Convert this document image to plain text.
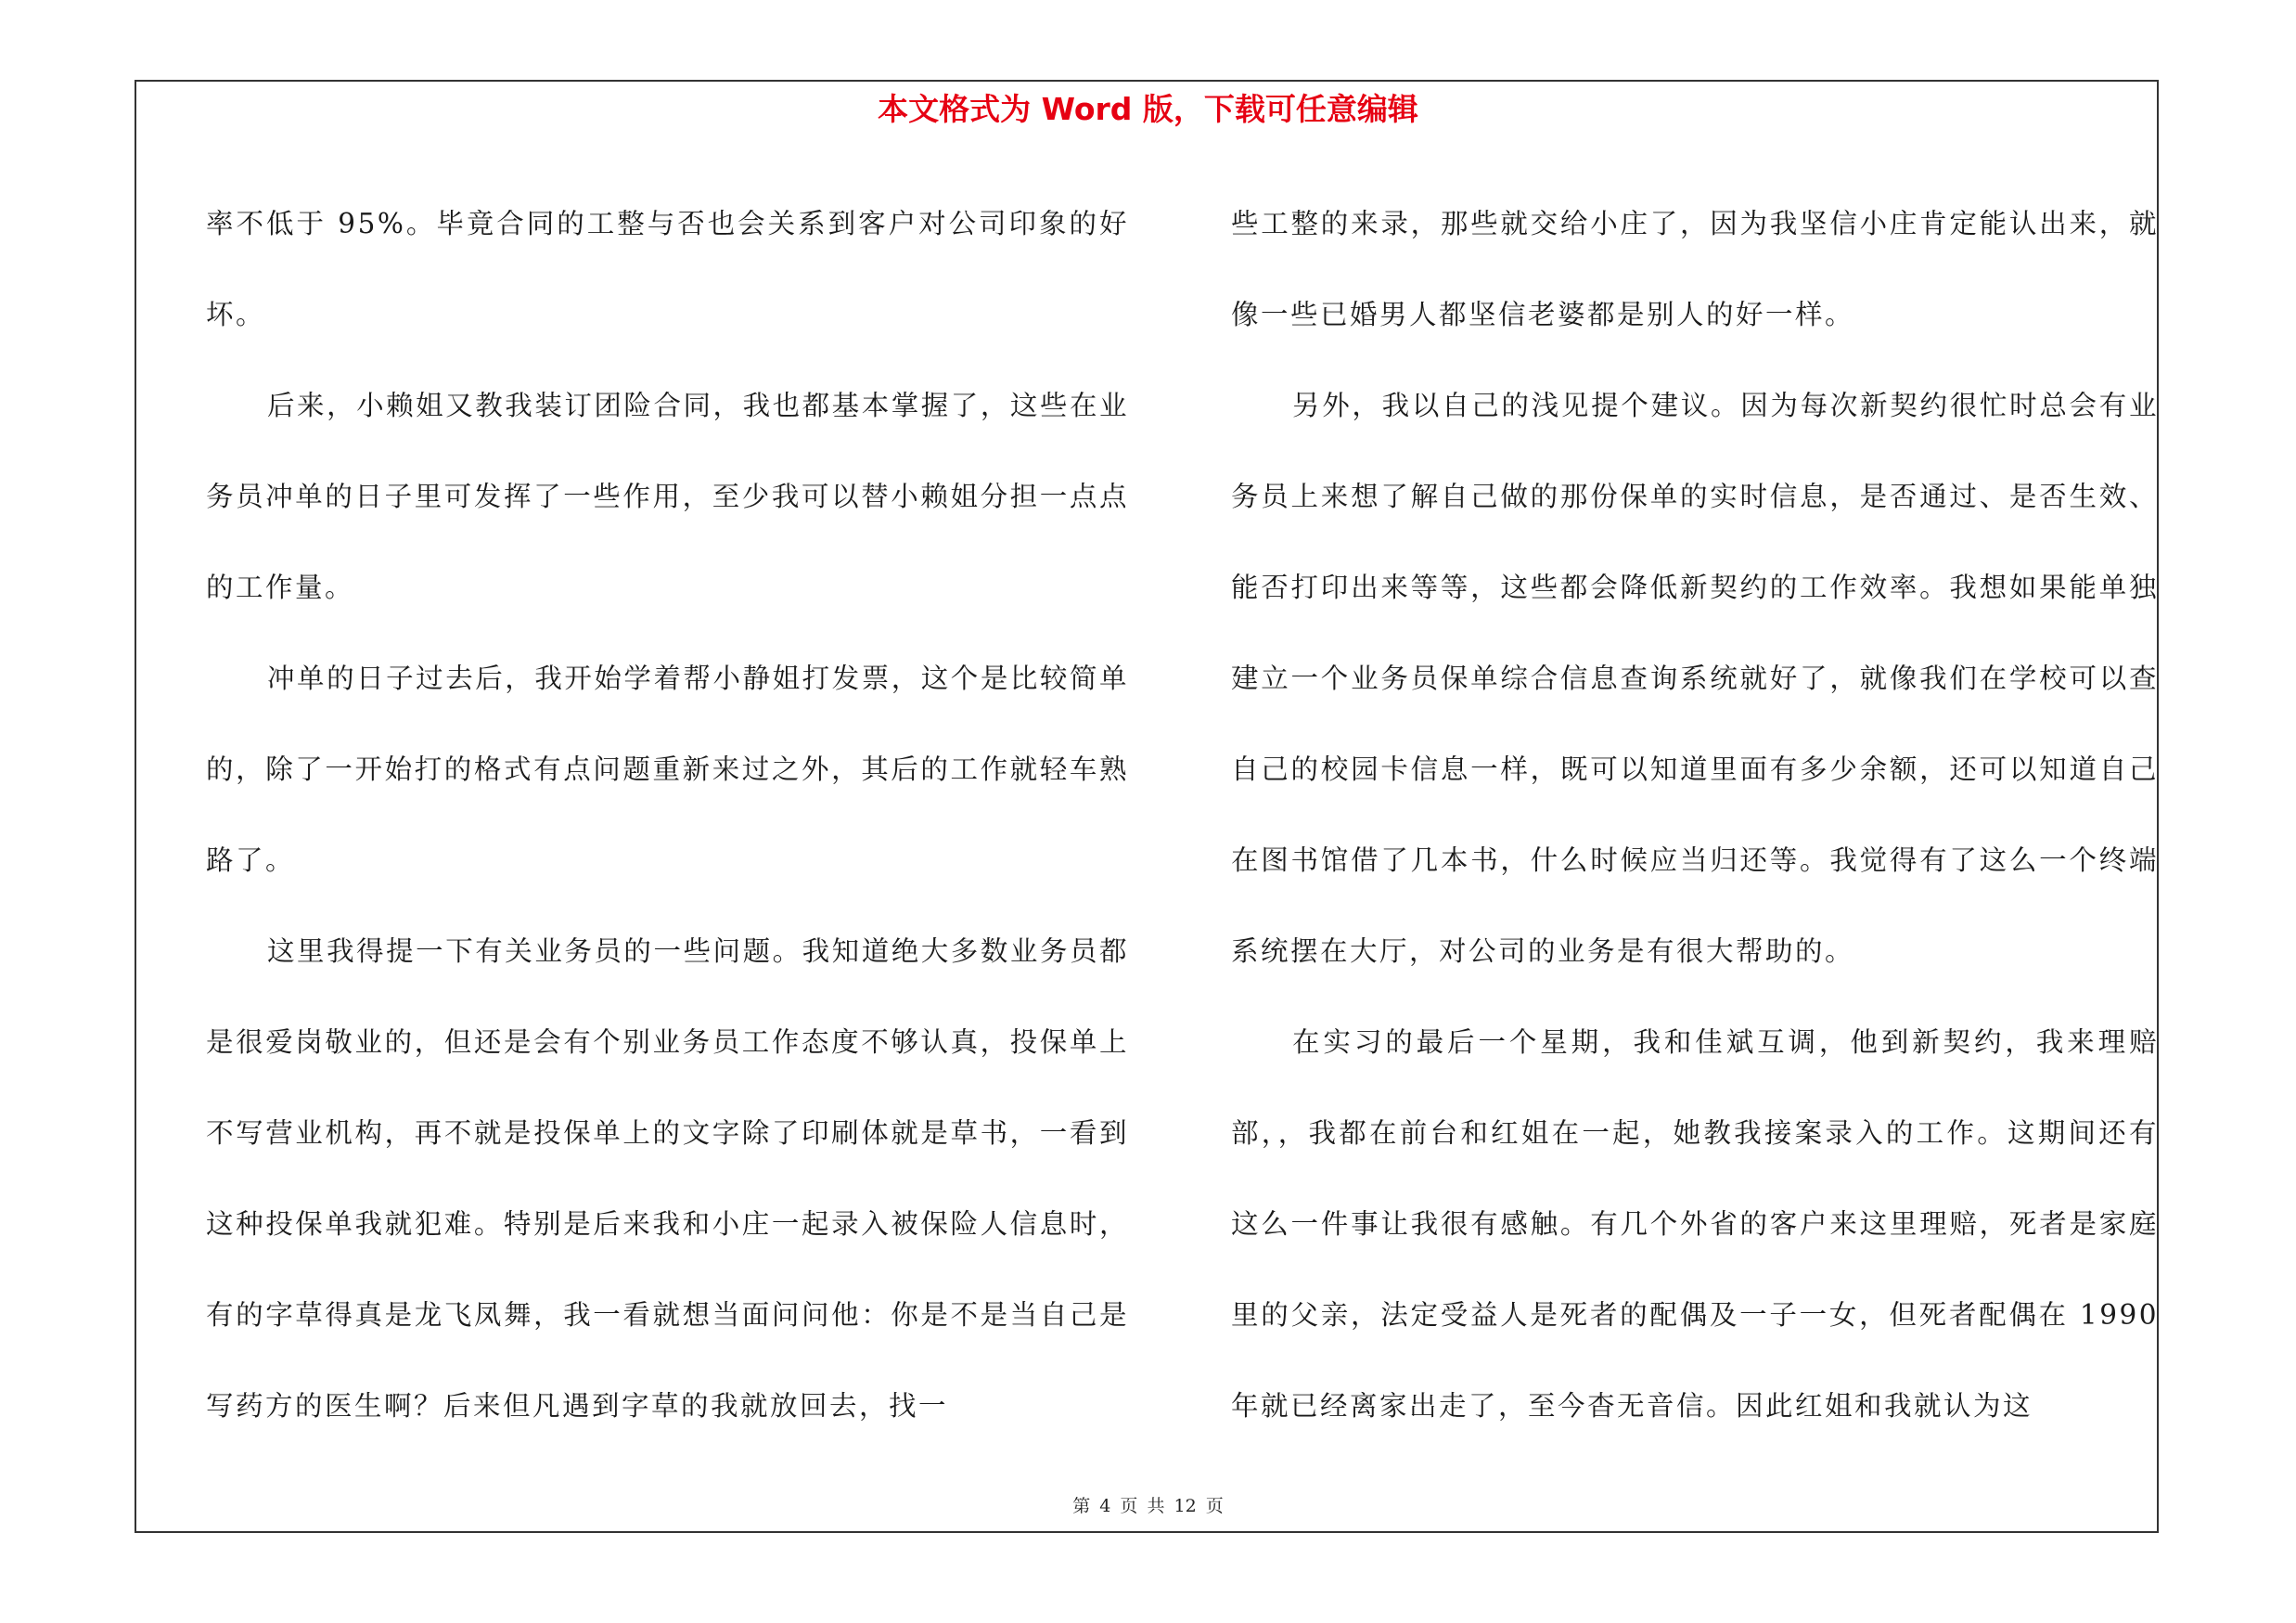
本文格式为 Word 版，下载可任意编辑

率不低于 95%。毕竟合同的工整与否也会关系到客户对公司印象的好坏。

后来，小赖姐又教我装订团险合同，我也都基本掌握了，这些在业务员冲单的日子里可发挥了一些作用，至少我可以替小赖姐分担一点点的工作量。

冲单的日子过去后，我开始学着帮小静姐打发票，这个是比较简单的，除了一开始打的格式有点问题重新来过之外，其后的工作就轻车熟路了。

这里我得提一下有关业务员的一些问题。我知道绝大多数业务员都是很爱岗敬业的，但还是会有个别业务员工作态度不够认真，投保单上不写营业机构，再不就是投保单上的文字除了印刷体就是草书，一看到这种投保单我就犯难。特别是后来我和小庄一起录入被保险人信息时，有的字草得真是龙飞凤舞，我一看就想当面问问他：你是不是当自己是写药方的医生啊？后来但凡遇到字草的我就放回去，找一

些工整的来录，那些就交给小庄了，因为我坚信小庄肯定能认出来，就像一些已婚男人都坚信老婆都是别人的好一样。

另外，我以自己的浅见提个建议。因为每次新契约很忙时总会有业务员上来想了解自己做的那份保单的实时信息，是否通过、是否生效、能否打印出来等等，这些都会降低新契约的工作效率。我想如果能单独建立一个业务员保单综合信息查询系统就好了，就像我们在学校可以查自己的校园卡信息一样，既可以知道里面有多少余额，还可以知道自己在图书馆借了几本书，什么时候应当归还等。我觉得有了这么一个终端系统摆在大厅，对公司的业务是有很大帮助的。

在实习的最后一个星期，我和佳斌互调，他到新契约，我来理赔部，，我都在前台和红姐在一起，她教我接案录入的工作。这期间还有这么一件事让我很有感触。有几个外省的客户来这里理赔，死者是家庭里的父亲，法定受益人是死者的配偶及一子一女，但死者配偶在 1990 年就已经离家出走了，至今杳无音信。因此红姐和我就认为这

第 4 页 共 12 页
